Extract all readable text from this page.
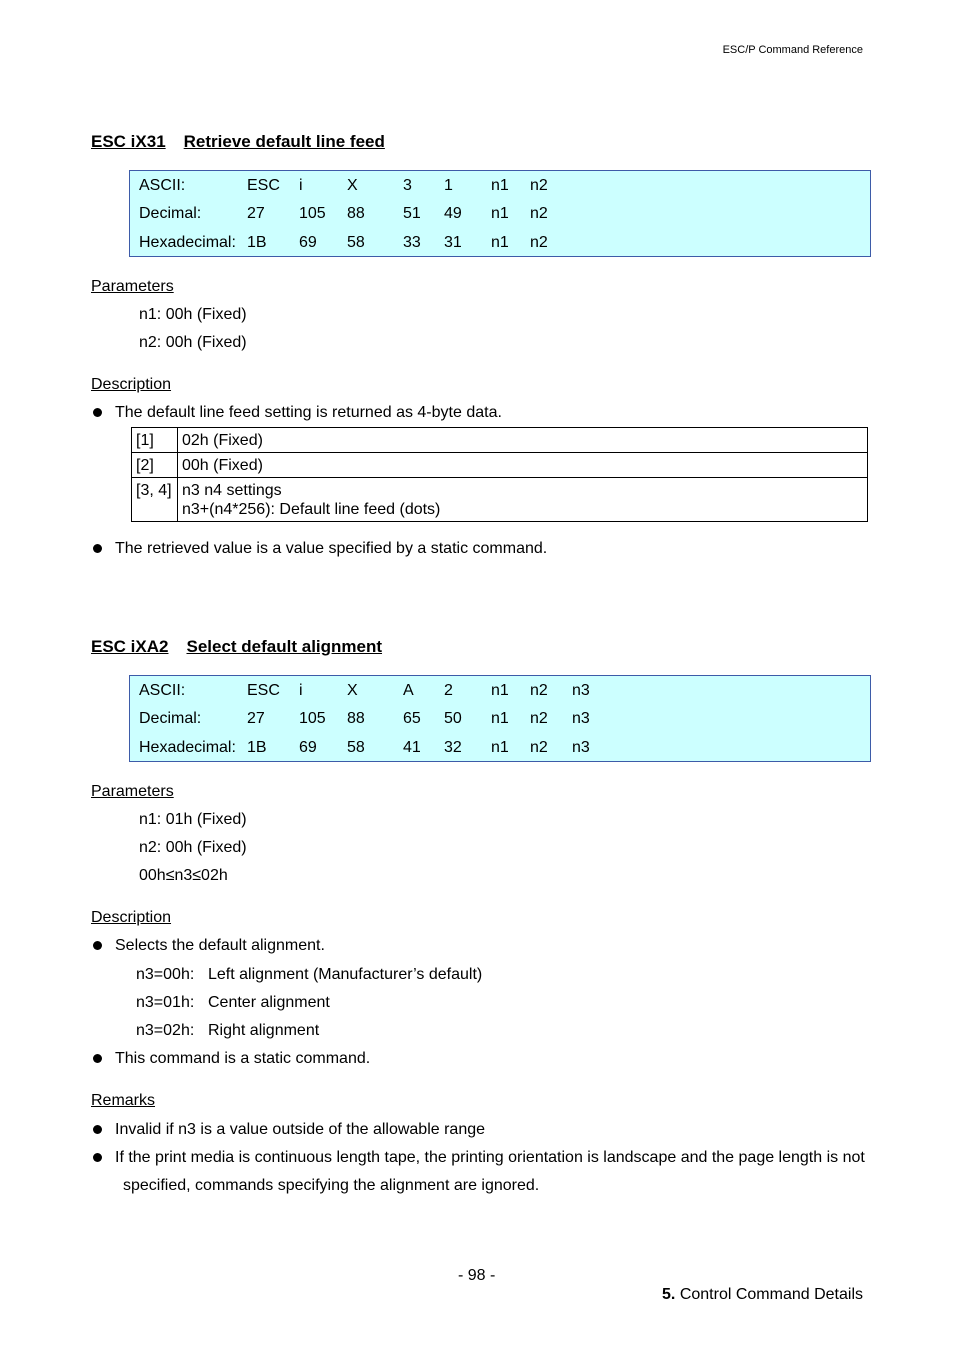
ESC/P Command Reference
ESC iX31 Retrieve default line feed
ASCII:	ESC i	X	3 1 n1 n2
Decimal:	27 105 88 51 49 n1 n2
Hexadecimal: 1B 69 58 33 31 n1 n2
Parameters
n1: 00h (Fixed)
n2: 00h (Fixed)
Description
The default line feed setting is returned as 4-byte data.
[1]	02h (Fixed)
[2]	00h (Fixed)
[3, 4]	n3 n4 settings
n3+(n4*256): Default line feed (dots)
The retrieved value is a value specified by a static command.
ESC iXA2 Select default alignment
ASCII:	ESC i	X	A 2 n1 n2 n3
Decimal:	27 105 88 65 50 n1 n2 n3
Hexadecimal: 1B 69 58 41 32 n1 n2 n3
Parameters
n1: 01h (Fixed)
n2: 00h (Fixed)
00h≤n3≤02h
Description
Selects the default alignment.
n3=00h: Left alignment (Manufacturer’s default)
n3=01h: Center alignment
n3=02h: Right alignment
This command is a static command.
Remarks
Invalid if n3 is a value outside of the allowable range
If the print media is continuous length tape, the printing orientation is landscape and the page length is not
specified, commands specifying the alignment are ignored.
- 98 -
5. Control Command Details
